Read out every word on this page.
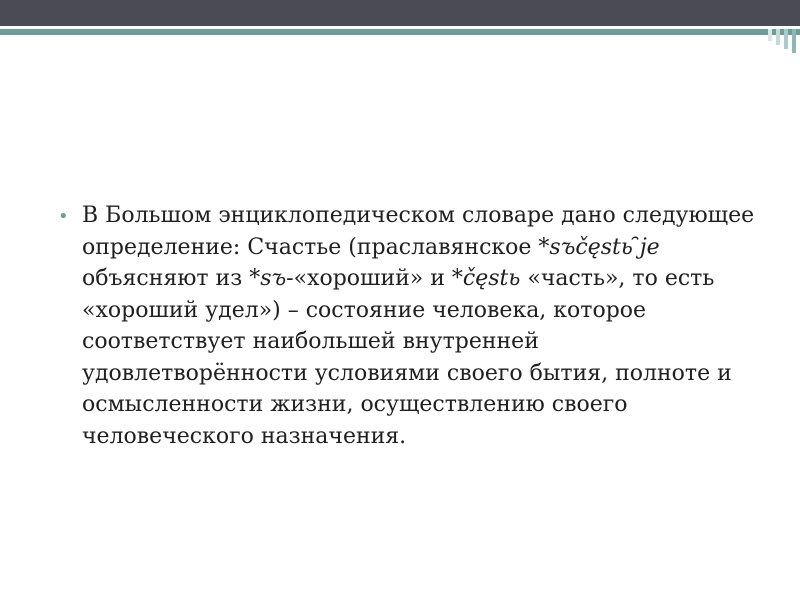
• В Большом энциклопедическом словаре дано следующее определение: Счастье (праславянское *sъčęstь ̑je объясняют из *sъ-«хороший» и *čęstь «часть», то есть «хороший удел») – состояние человека, которое соответствует наибольшей внутренней удовлетворённости условиями своего бытия, полноте и осмысленности жизни, осуществлению своего человеческого назначения.
